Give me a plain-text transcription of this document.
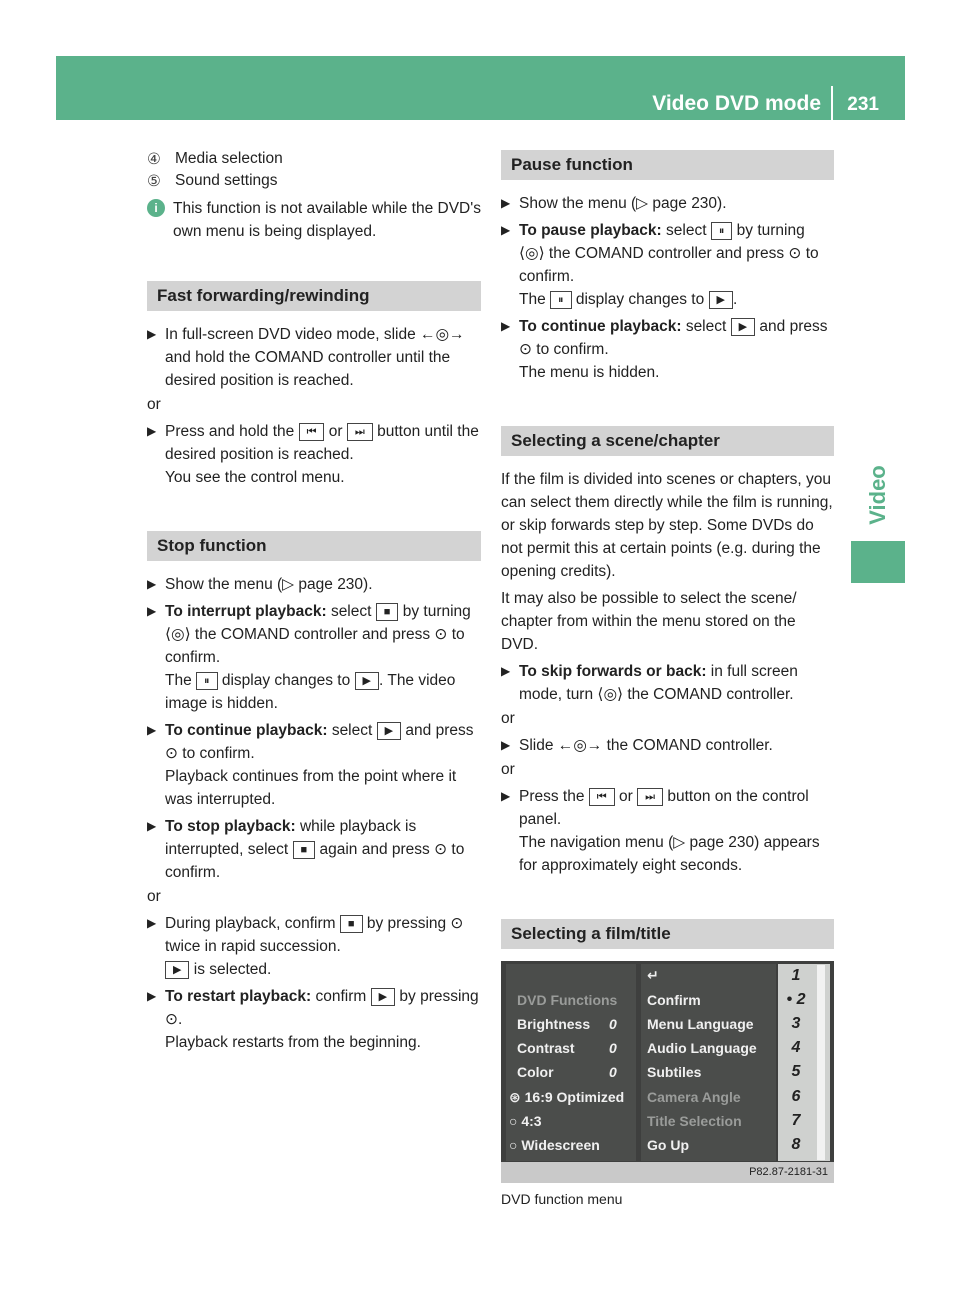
Video DVD mode 231
Video
④ Media selection
⑤ Sound settings
i This function is not available while the DVD's own menu is being displayed.

Fast forwarding/rewinding
▶ In full-screen DVD video mode, slide ←◎→ and hold the COMAND controller until the desired position is reached.
or
▶ Press and hold the ⏮ or ⏭ button until the desired position is reached.
You see the control menu.
Stop function
▶ Show the menu (▷ page 230).
▶ To interrupt playback: select ■ by turning ⟨◎⟩ the COMAND controller and press ⊙ to confirm.
The ⏸ display changes to ▶ . The video image is hidden.
▶ To continue playback: select ▶ and press ⊙ to confirm.
Playback continues from the point where it was interrupted.
▶ To stop playback: while playback is interrupted, select ■ again and press ⊙ to confirm.
or
▶ During playback, confirm ■ by pressing ⊙ twice in rapid succession.
▶ is selected.
▶ To restart playback: confirm ▶ by pressing ⊙.
Playback restarts from the beginning.
Pause function
▶ Show the menu (▷ page 230).
▶ To pause playback: select ⏸ by turning ⟨◎⟩ the COMAND controller and press ⊙ to confirm.
The ⏸ display changes to ▶ .
▶ To continue playback: select ▶ and press ⊙ to confirm.
The menu is hidden.
Selecting a scene/chapter

If the film is divided into scenes or chapters, you can select them directly while the film is running, or skip forwards step by step. Some DVDs do not permit this at certain points (e.g. during the opening credits).

It may also be possible to select the scene/ chapter from within the menu stored on the DVD.

▶ To skip forwards or back: in full screen mode, turn ⟨◎⟩ the COMAND controller.
or
▶ Slide ←◎→ the COMAND controller.
or
▶ Press the ⏮ or ⏭ button on the control panel.
The navigation menu (▷ page 230) appears for approximately eight seconds.
Selecting a film/title
DVD Functions
Brightness 0
Contrast 0
Color	0
⊛ 16:9 Optimized
○ 4:3
○ Widescreen
↵
Confirm
Menu Language
Audio Language
Subtiles
Camera Angle
Title Selection
Go Up
1
• 2
3
4
5
6
7
8
P82.87-2181-31
DVD function menu
